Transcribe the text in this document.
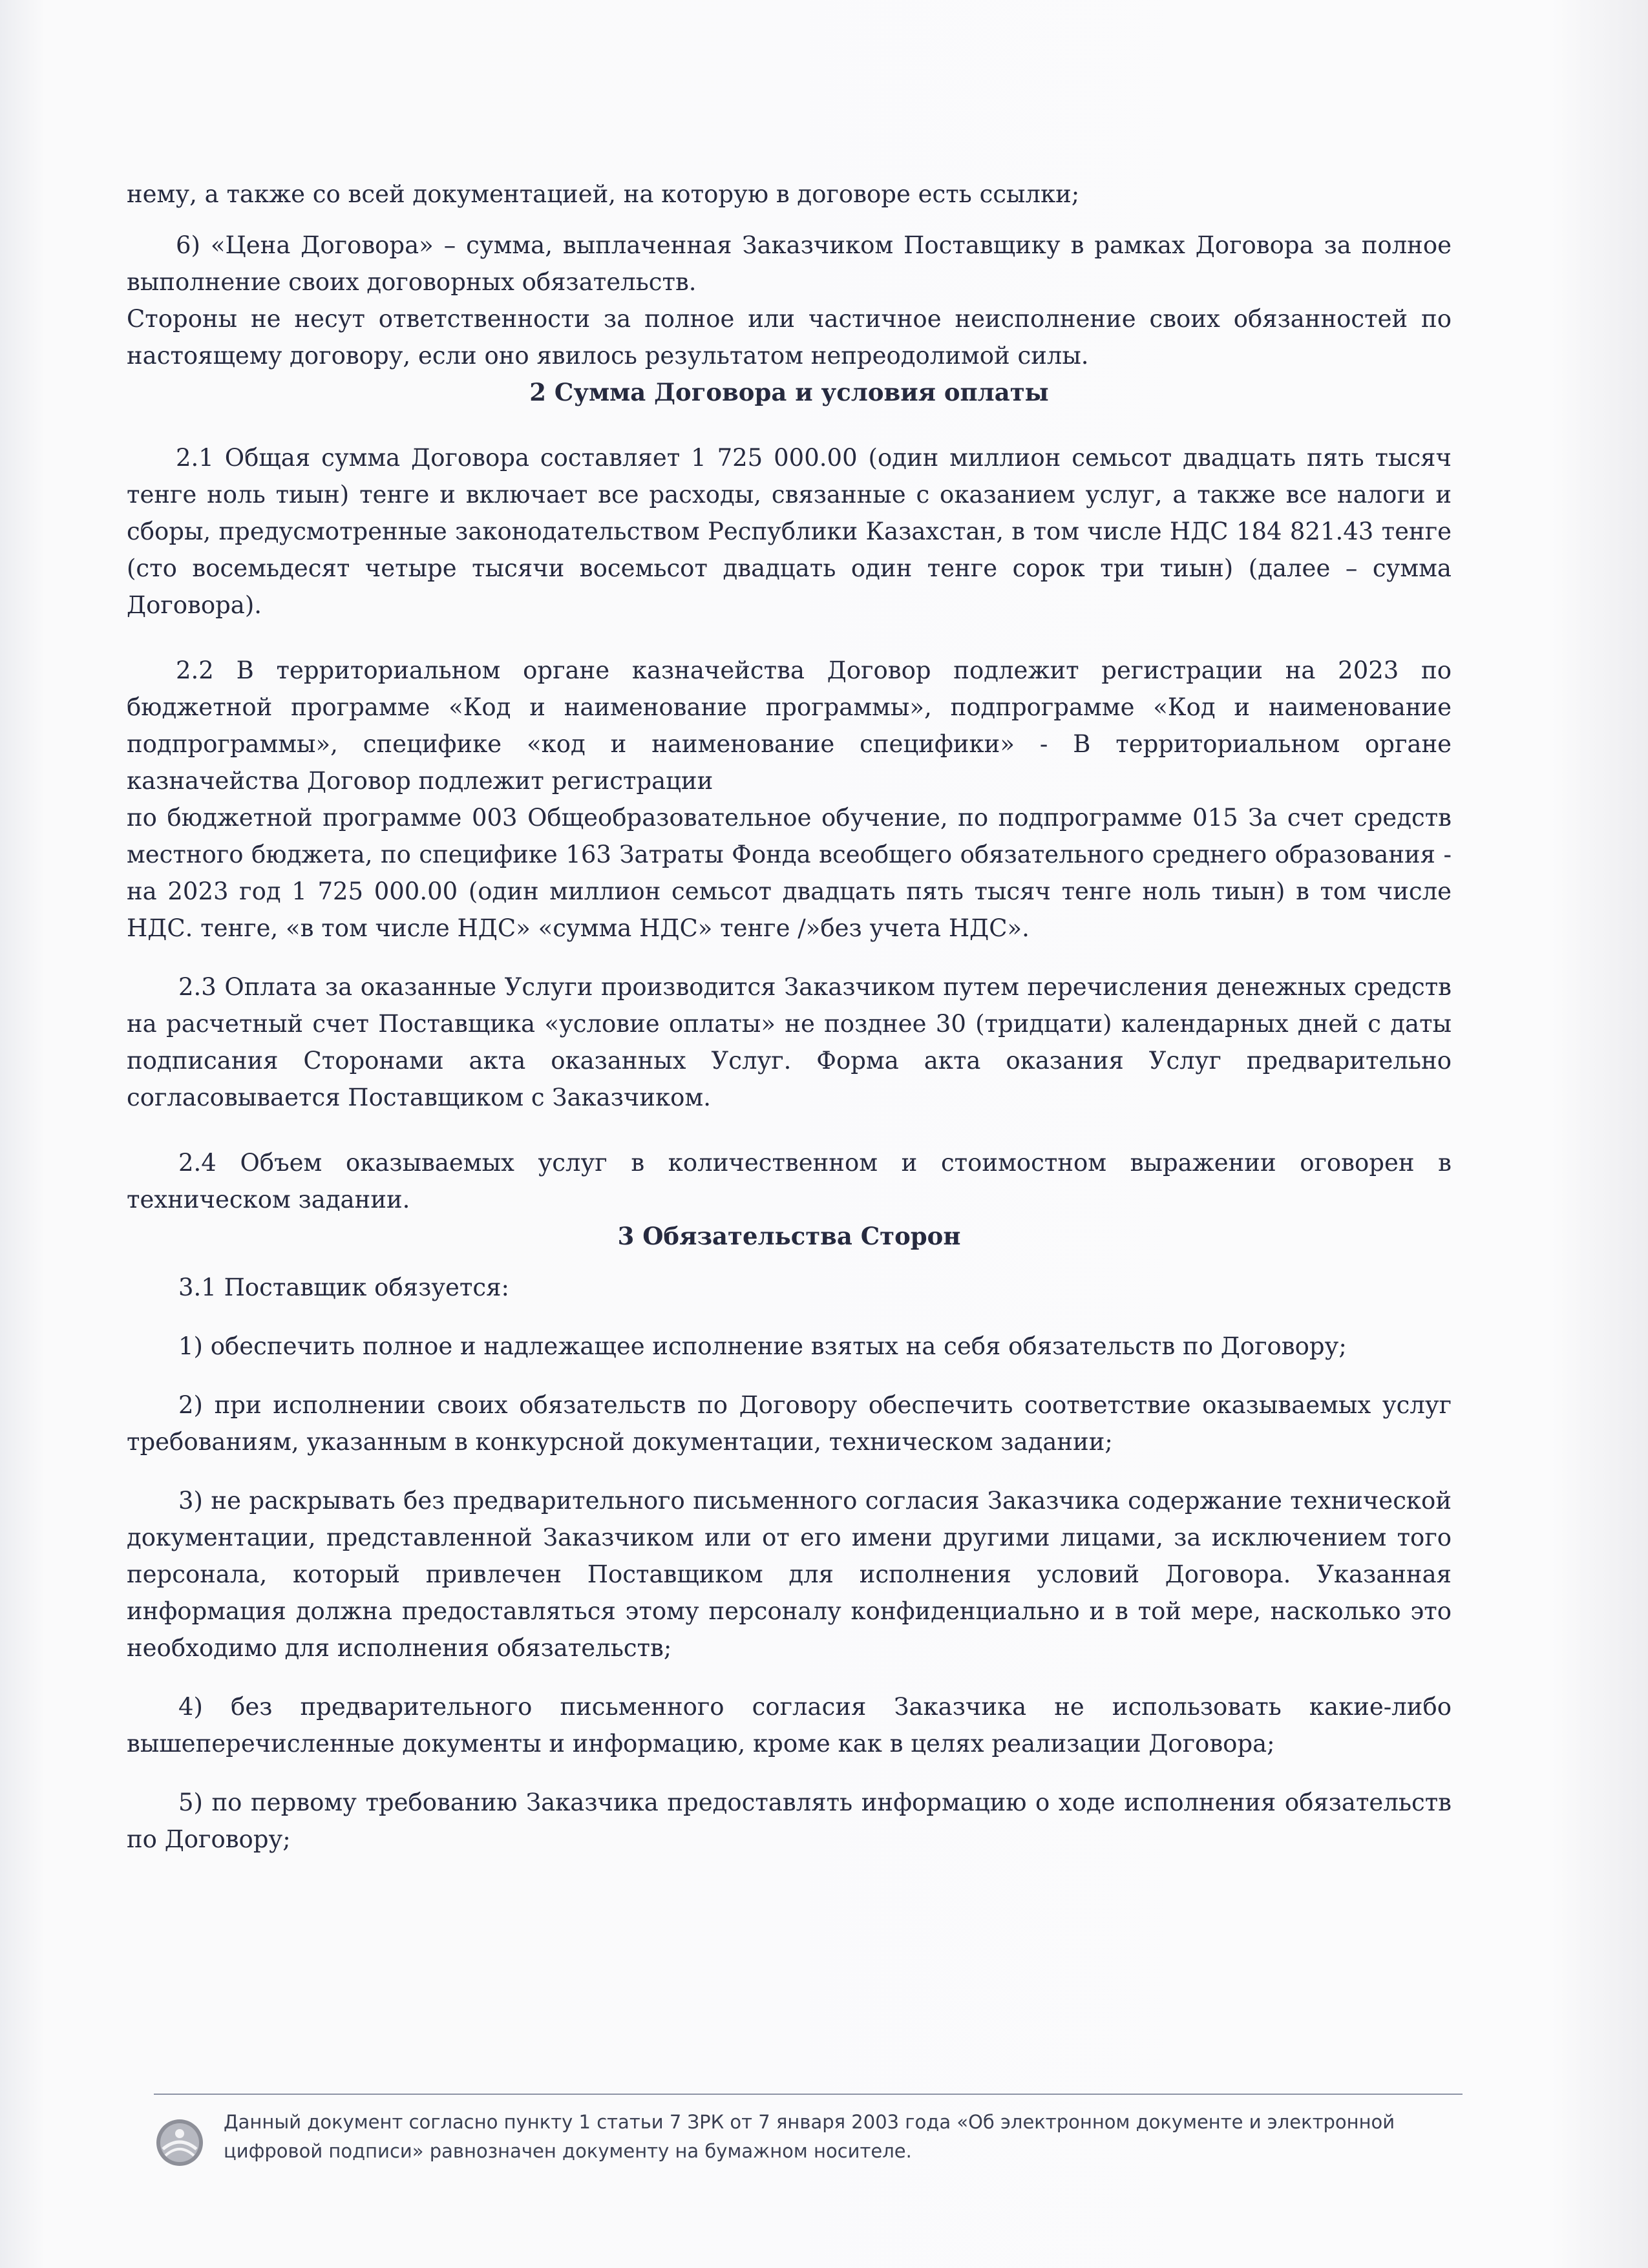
нему, а также со всей документацией, на которую в договоре есть ссылки;

6) «Цена Договора» – сумма, выплаченная Заказчиком Поставщику в рамках Договора за полное выполнение своих договорных обязательств.

Стороны не несут ответственности за полное или частичное неисполнение своих обязанностей по настоящему договору, если оно явилось результатом непреодолимой силы.

2 Сумма Договора и условия оплаты

2.1 Общая сумма Договора составляет 1 725 000.00 (один миллион семьсот двадцать пять тысяч тенге ноль тиын) тенге и включает все расходы, связанные с оказанием услуг, а также все налоги и сборы, предусмотренные законодательством Республики Казахстан, в том числе НДС 184 821.43 тенге (сто восемьдесят четыре тысячи восемьсот двадцать один тенге сорок три тиын) (далее – сумма Договора).

2.2 В территориальном органе казначейства Договор подлежит регистрации на 2023 по бюджетной программе «Код и наименование программы», подпрограмме «Код и наименование подпрограммы», специфике «код и наименование специфики» - В территориальном органе казначейства Договор подлежит регистрации

по бюджетной программе 003 Общеобразовательное обучение, по подпрограмме 015 За счет средств местного бюджета, по специфике 163 Затраты Фонда всеобщего обязательного среднего образования - на 2023 год 1 725 000.00 (один миллион семьсот двадцать пять тысяч тенге ноль тиын) в том числе НДС. тенге, «в том числе НДС» «сумма НДС» тенге /»без учета НДС».

2.3 Оплата за оказанные Услуги производится Заказчиком путем перечисления денежных средств на расчетный счет Поставщика «условие оплаты» не позднее 30 (тридцати) календарных дней с даты подписания Сторонами акта оказанных Услуг. Форма акта оказания Услуг предварительно согласовывается Поставщиком с Заказчиком.

2.4 Объем оказываемых услуг в количественном и стоимостном выражении оговорен в техническом задании.

3 Обязательства Сторон

3.1 Поставщик обязуется:

1) обеспечить полное и надлежащее исполнение взятых на себя обязательств по Договору;

2) при исполнении своих обязательств по Договору обеспечить соответствие оказываемых услуг требованиям, указанным в конкурсной документации, техническом задании;

3) не раскрывать без предварительного письменного согласия Заказчика содержание технической документации, представленной Заказчиком или от его имени другими лицами, за исключением того персонала, который привлечен Поставщиком для исполнения условий Договора. Указанная информация должна предоставляться этому персоналу конфиденциально и в той мере, насколько это необходимо для исполнения обязательств;

4) без предварительного письменного согласия Заказчика не использовать какие-либо вышеперечисленные документы и информацию, кроме как в целях реализации Договора;

5) по первому требованию Заказчика предоставлять информацию о ходе исполнения обязательств по Договору;

Данный документ согласно пункту 1 статьи 7 ЗРК от 7 января 2003 года «Об электронном документе и электронной цифровой подписи» равнозначен документу на бумажном носителе.
